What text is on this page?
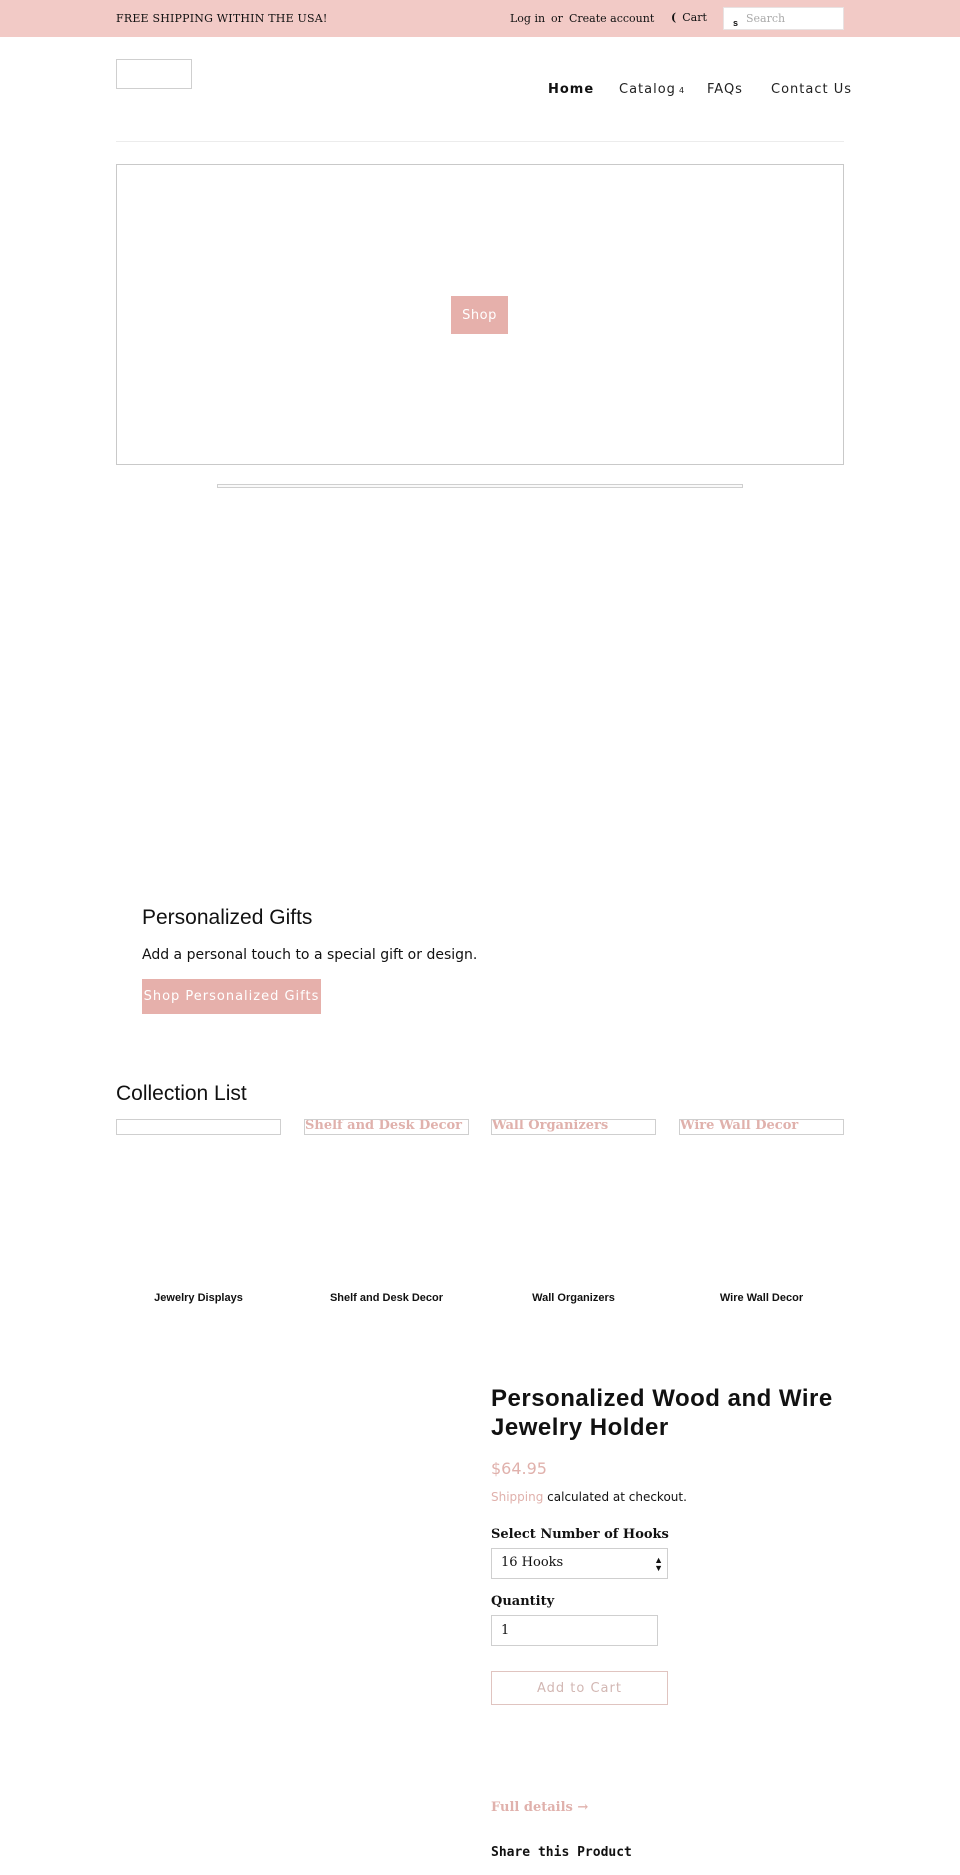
FREE SHIPPING WITHIN THE USA!	Log in or Create account ( Cart	s
Search
Home Catalog 4 FAQs Contact Us
Shop
Personalized Gifts
Add a personal touch to a special gift or design.
Shop Personalized Gifts
Collection List
Shelf and Desk Decor	Wall Organizers	Wire Wall Decor
Jewelry Displays	Shelf and Desk Decor	Wall Organizers	Wire Wall Decor
Personalized Wood and Wire Jewelry Holder
$64.95
Shipping calculated at checkout.
Select Number of Hooks
16 Hooks	▲
▼
Quantity
1
Add to Cart
Full details →
Share this Product
